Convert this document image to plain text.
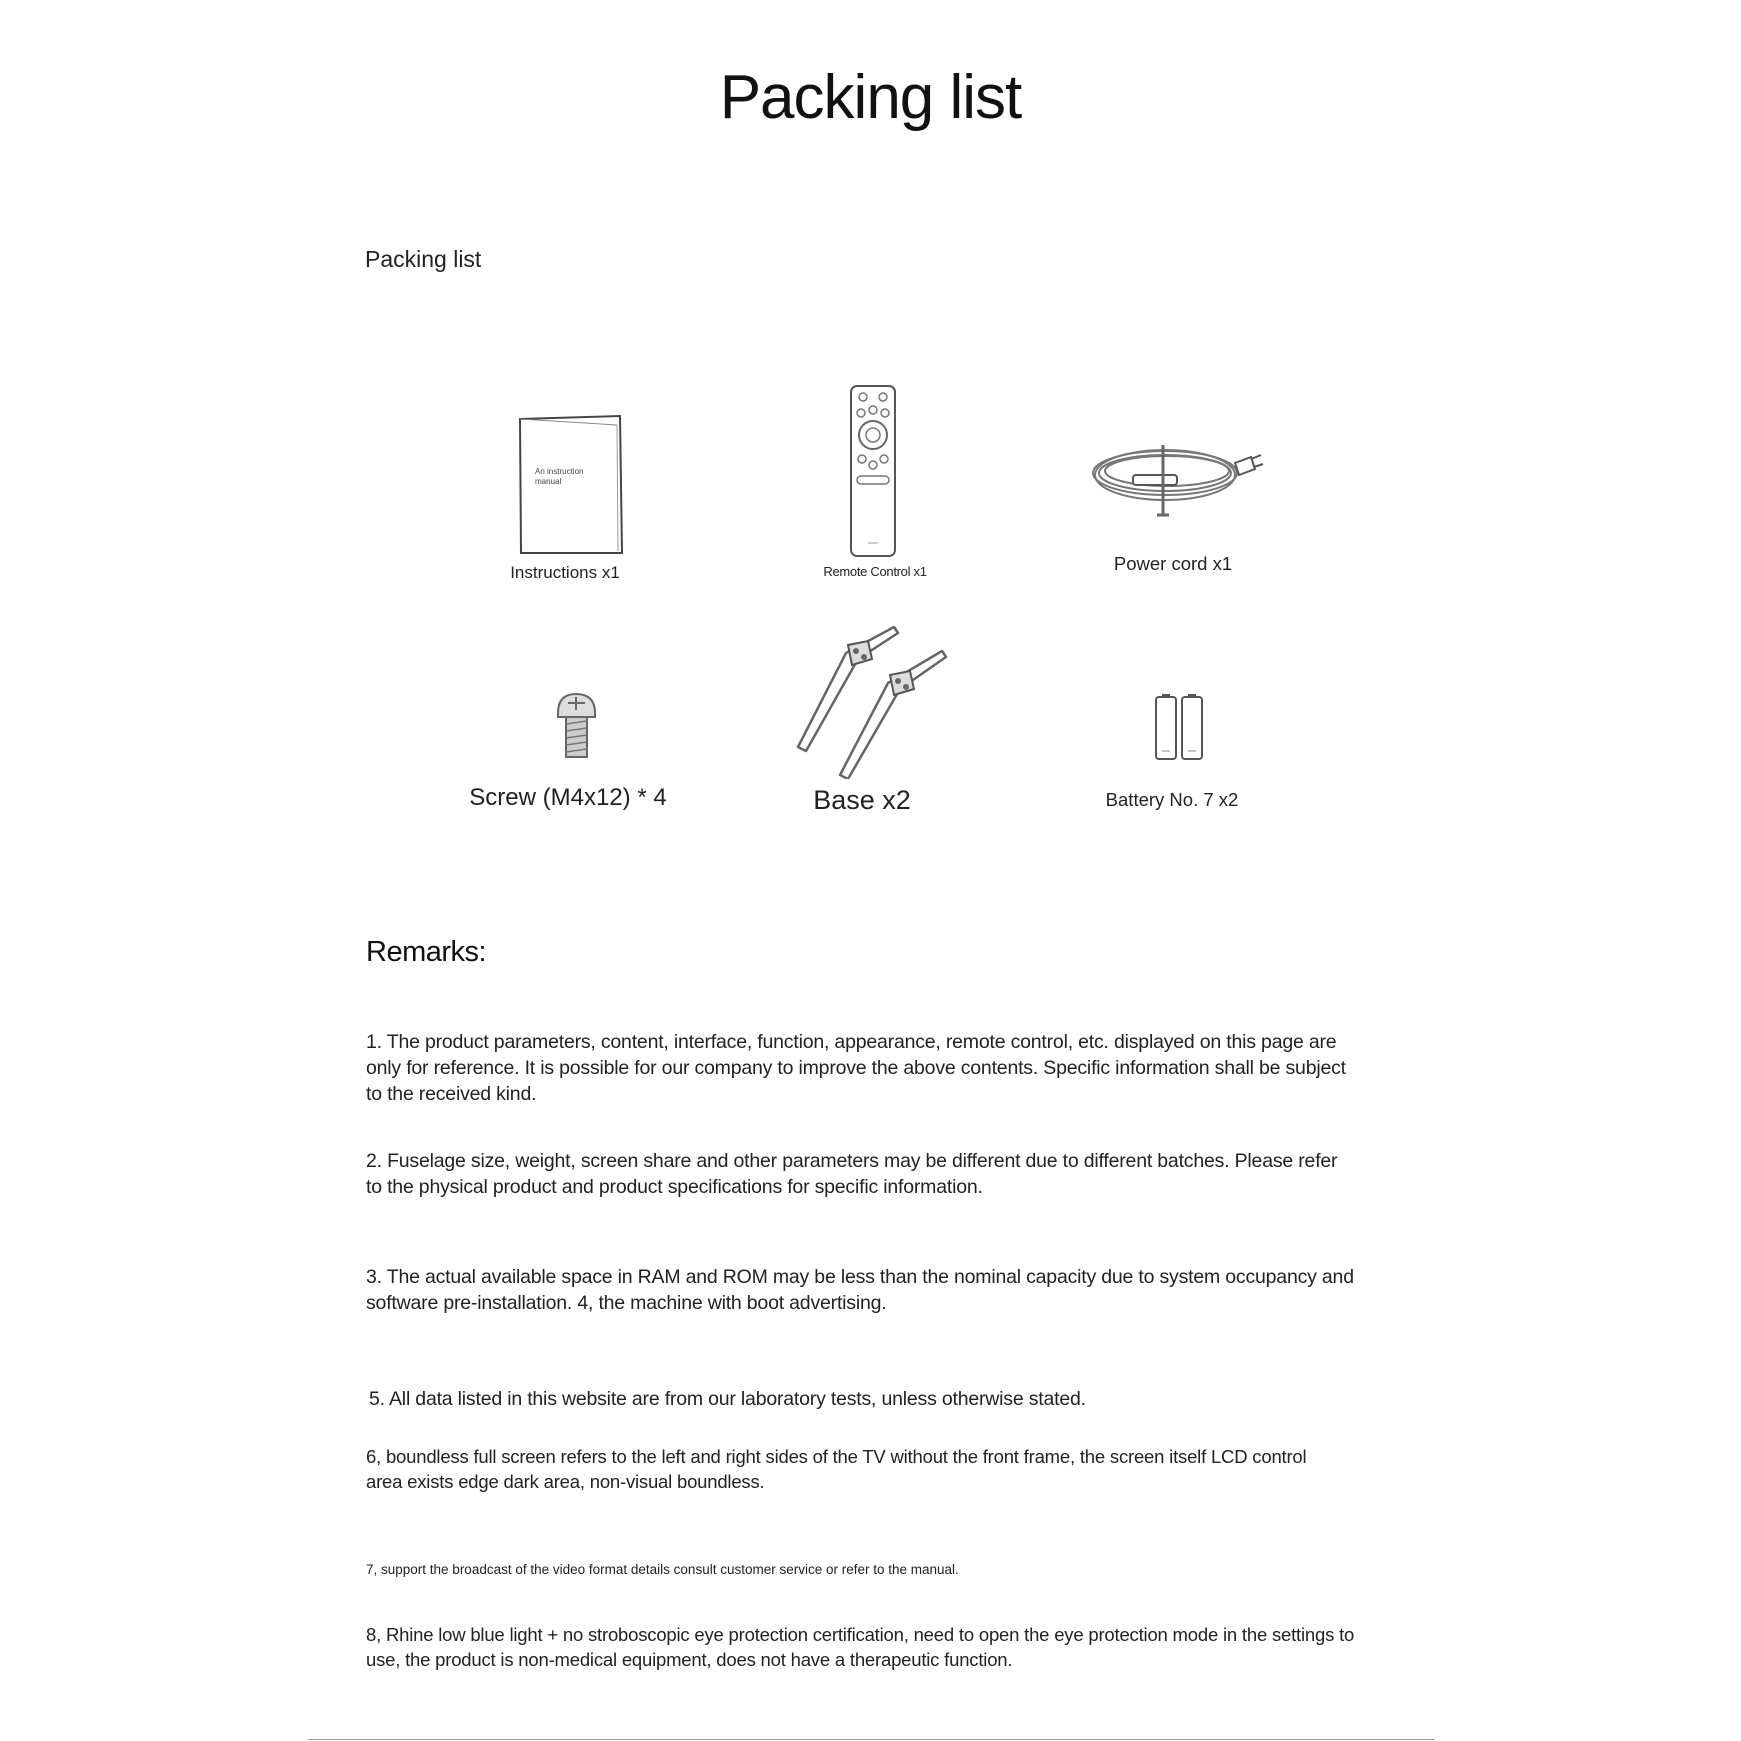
Packing list
Packing list
An instruction manual
Instructions x1	Remote Control x1	Power cord x1
Screw (M4x12) * 4	Base x2	Battery No. 7 x2
Remarks:
1. The product parameters, content, interface, function, appearance, remote control, etc. displayed on this page are only for reference. It is possible for our company to improve the above contents. Specific information shall be subject to the received kind.
2. Fuselage size, weight, screen share and other parameters may be different due to different batches. Please refer to the physical product and product specifications for specific information.
3. The actual available space in RAM and ROM may be less than the nominal capacity due to system occupancy and software pre-installation. 4, the machine with boot advertising.
5. All data listed in this website are from our laboratory tests, unless otherwise stated.
6, boundless full screen refers to the left and right sides of the TV without the front frame, the screen itself LCD control area exists edge dark area, non-visual boundless.
7, support the broadcast of the video format details consult customer service or refer to the manual.
8, Rhine low blue light + no stroboscopic eye protection certification, need to open the eye protection mode in the settings to use, the product is non-medical equipment, does not have a therapeutic function.
